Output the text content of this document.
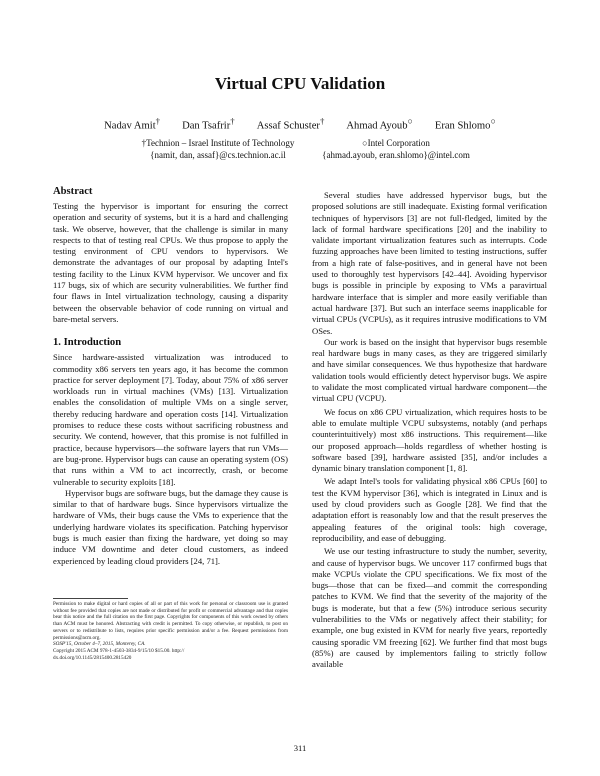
Virtual CPU Validation
Nadav Amit† Dan Tsafrir† Assaf Schuster† Ahmad Ayoub○ Eran Shlomo○
†Technion – Israel Institute of Technology
{namit, dan, assaf}@cs.technion.ac.il
○Intel Corporation
{ahmad.ayoub, eran.shlomo}@intel.com
Abstract

Testing the hypervisor is important for ensuring the correct operation and security of systems, but it is a hard and challenging task. We observe, however, that the challenge is similar in many respects to that of testing real CPUs. We thus propose to apply the testing environment of CPU vendors to hypervisors. We demonstrate the advantages of our proposal by adapting Intel's testing facility to the Linux KVM hypervisor. We uncover and fix 117 bugs, six of which are security vulnerabilities. We further find four flaws in Intel virtualization technology, causing a disparity between the observable behavior of code running on virtual and bare-metal servers.

1. Introduction

Since hardware-assisted virtualization was introduced to commodity x86 servers ten years ago, it has become the common practice for server deployment [7]. Today, about 75% of x86 server workloads run in virtual machines (VMs) [13]. Virtualization enables the consolidation of multiple VMs on a single server, thereby reducing hardware and operation costs [14]. Virtualization promises to reduce these costs without sacrificing robustness and security. We contend, however, that this promise is not fulfilled in practice, because hypervisors—the software layers that run VMs—are bug-prone. Hypervisor bugs can cause an operating system (OS) that runs within a VM to act incorrectly, crash, or become vulnerable to security exploits [18].

Hypervisor bugs are software bugs, but the damage they cause is similar to that of hardware bugs. Since hypervisors virtualize the hardware of VMs, their bugs cause the VMs to experience that the underlying hardware violates its specification. Patching hypervisor bugs is much easier than fixing the hardware, yet doing so may induce VM downtime and deter cloud customers, as indeed experienced by leading cloud providers [24, 71].

Several studies have addressed hypervisor bugs, but the proposed solutions are still inadequate. Existing formal verification techniques of hypervisors [3] are not full-fledged, limited by the lack of formal hardware specifications [20] and the inability to validate important virtualization features such as interrupts. Code fuzzing approaches have been limited to testing instructions, suffer from a high rate of false-positives, and in general have not been used to thoroughly test hypervisors [42–44]. Avoiding hypervisor bugs is possible in principle by exposing to VMs a paravirtual hardware interface that is simpler and more easily verifiable than actual hardware [37]. But such an interface seems inapplicable for virtual CPUs (VCPUs), as it requires intrusive modifications to VM OSes.

Our work is based on the insight that hypervisor bugs resemble real hardware bugs in many cases, as they are triggered similarly and have similar consequences. We thus hypothesize that hardware validation tools would efficiently detect hypervisor bugs. We aspire to validate the most complicated virtual hardware component—the virtual CPU (VCPU).

We focus on x86 CPU virtualization, which requires hosts to be able to emulate multiple VCPU subsystems, notably (and perhaps counterintuitively) most x86 instructions. This requirement—like our proposed approach—holds regardless of whether hosting is software based [39], hardware assisted [35], and/or includes a dynamic binary translation component [1, 8].

We adapt Intel's tools for validating physical x86 CPUs [60] to test the KVM hypervisor [36], which is integrated in Linux and is used by cloud providers such as Google [28]. We find that the adaptation effort is reasonably low and that the result preserves the appealing features of the original tools: high coverage, reproducibility, and ease of debugging.

We use our testing infrastructure to study the number, severity, and cause of hypervisor bugs. We uncover 117 confirmed bugs that make VCPUs violate the CPU specifications. We fix most of the bugs—those that can be fixed—and commit the corresponding patches to KVM. We find that the severity of the majority of the bugs is moderate, but that a few (5%) introduce serious security vulnerabilities to the VMs or negatively affect their stability; for example, one bug existed in KVM for nearly five years, reportedly causing sporadic VM freezing [62]. We further find that most bugs (85%) are caused by implementors failing to strictly follow available

Permission to make digital or hard copies of all or part of this work for personal or classroom use is granted without fee provided that copies are not made or distributed for profit or commercial advantage and that copies bear this notice and the full citation on the first page. Copyrights for components of this work owned by others than ACM must be honored. Abstracting with credit is permitted. To copy otherwise, or republish, to post on servers or to redistribute to lists, requires prior specific permission and/or a fee. Request permissions from permissions@acm.org.
SOSP'15, October 4–7, 2015, Monterey, CA.
Copyright 2015 ACM 978-1-4503-3834-9/15/10 $15.00. http://
dx.doi.org/10.1145/2815400.2815420
311
